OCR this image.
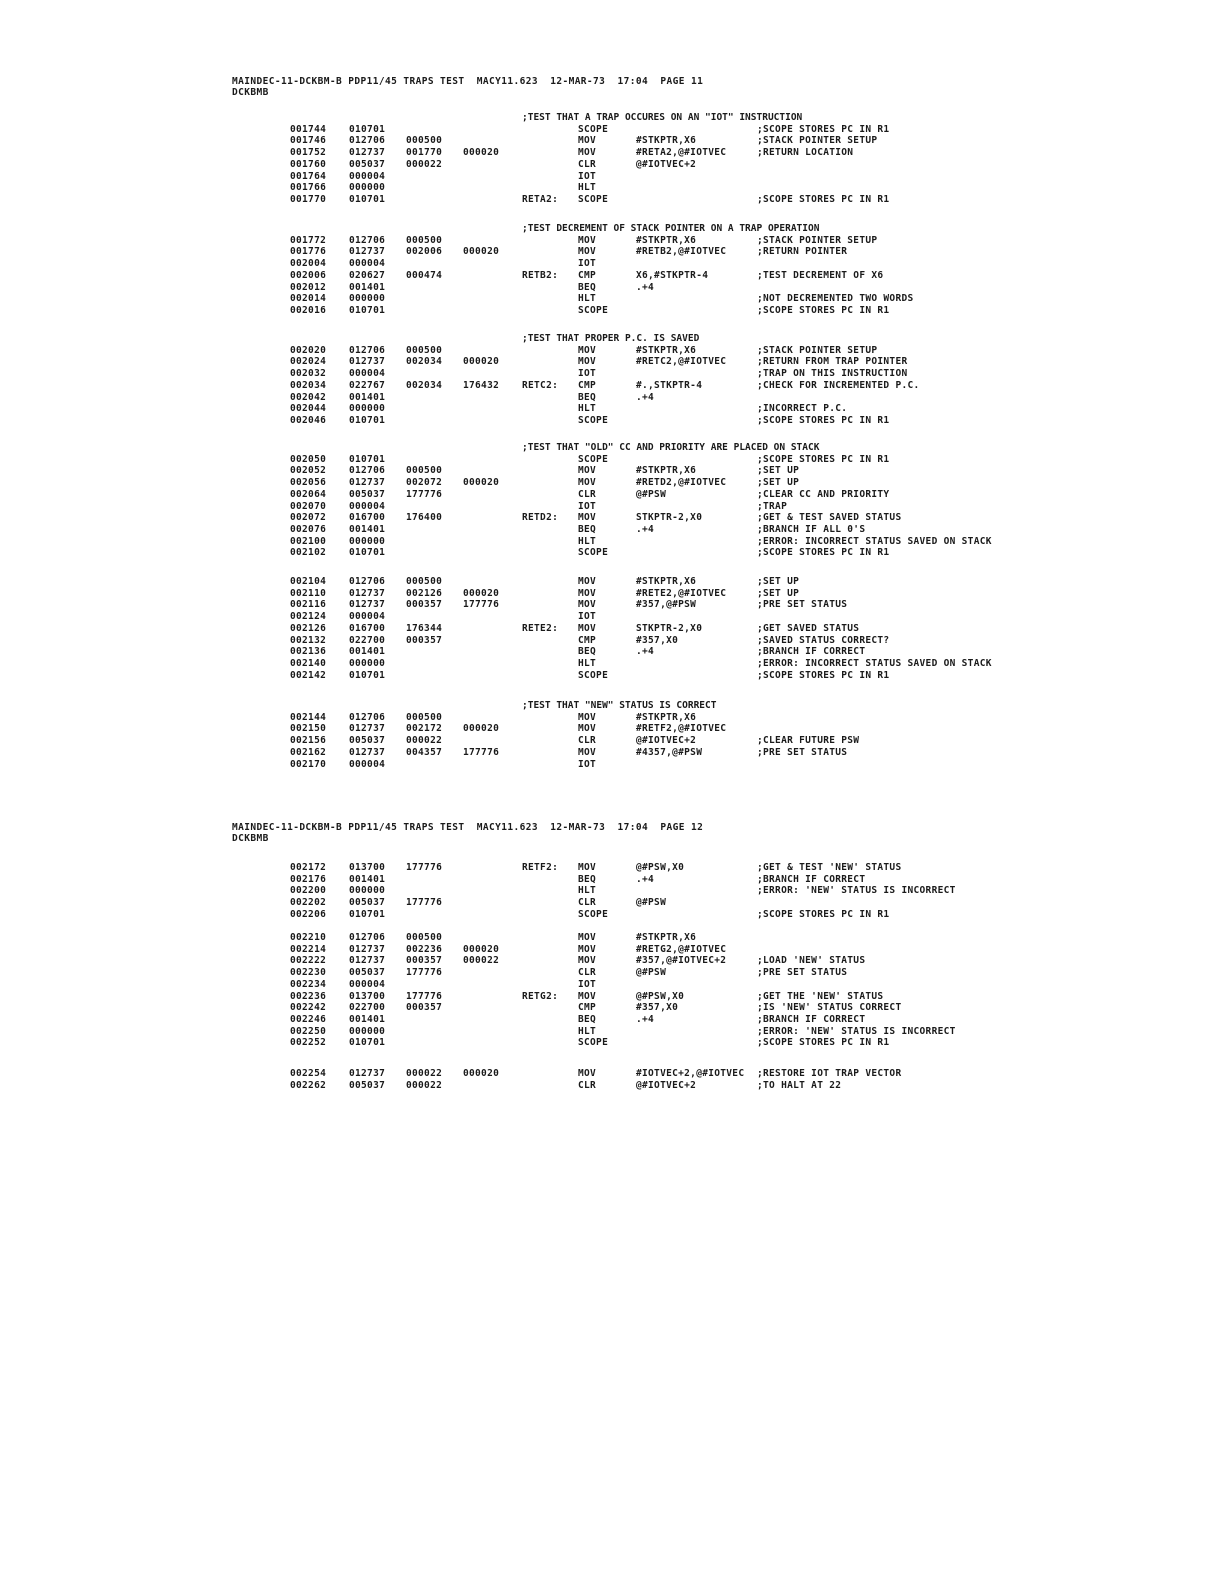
MAINDEC-11-DCKBM-B PDP11/45 TRAPS TEST  MACY11.623  12-MAR-73  17:04  PAGE 11
DCKBMB
;TEST THAT A TRAP OCCURES ON AN "IOT" INSTRUCTION
001744 010701	SCOPE	;SCOPE STORES PC IN R1
001746 012706 000500	MOV	#STKPTR,X6	;STACK POINTER SETUP
001752 012737 001770 000020	MOV	#RETA2,@#IOTVEC	;RETURN LOCATION
001760 005037 000022	CLR	@#IOTVEC+2
001764 000004	IOT
001766 000000	HLT
001770 010701	RETA2: SCOPE	;SCOPE STORES PC IN R1
;TEST DECREMENT OF STACK POINTER ON A TRAP OPERATION
001772 012706 000500	MOV	#STKPTR,X6	;STACK POINTER SETUP
001776 012737 002006 000020	MOV	#RETB2,@#IOTVEC	;RETURN POINTER
002004 000004	IOT
002006 020627 000474	RETB2: CMP	X6,#STKPTR-4	;TEST DECREMENT OF X6
002012 001401	BEQ	.+4
002014 000000	HLT	;NOT DECREMENTED TWO WORDS
002016 010701	SCOPE	;SCOPE STORES PC IN R1
;TEST THAT PROPER P.C. IS SAVED
002020 012706 000500	MOV	#STKPTR,X6	;STACK POINTER SETUP
002024 012737 002034 000020	MOV	#RETC2,@#IOTVEC	;RETURN FROM TRAP POINTER
002032 000004	IOT	;TRAP ON THIS INSTRUCTION
002034 022767 002034 176432 RETC2: CMP	#.,STKPTR-4	;CHECK FOR INCREMENTED P.C.
002042 001401	BEQ	.+4
002044 000000	HLT	;INCORRECT P.C.
002046 010701	SCOPE	;SCOPE STORES PC IN R1
;TEST THAT "OLD" CC AND PRIORITY ARE PLACED ON STACK
002050 010701	SCOPE	;SCOPE STORES PC IN R1
002052 012706 000500	MOV	#STKPTR,X6	;SET UP
002056 012737 002072 000020	MOV	#RETD2,@#IOTVEC	;SET UP
002064 005037 177776	CLR	@#PSW	;CLEAR CC AND PRIORITY
002070 000004	IOT	;TRAP
002072 016700 176400	RETD2: MOV	STKPTR-2,X0	;GET & TEST SAVED STATUS
002076 001401	BEQ	.+4	;BRANCH IF ALL 0'S
002100 000000	HLT	;ERROR: INCORRECT STATUS SAVED ON STACK
002102 010701	SCOPE	;SCOPE STORES PC IN R1
002104 012706 000500	MOV	#STKPTR,X6	;SET UP
002110 012737 002126 000020	MOV	#RETE2,@#IOTVEC	;SET UP
002116 012737 000357 177776	MOV	#357,@#PSW	;PRE SET STATUS
002124 000004	IOT
002126 016700 176344	RETE2: MOV	STKPTR-2,X0	;GET SAVED STATUS
002132 022700 000357	CMP	#357,X0	;SAVED STATUS CORRECT?
002136 001401	BEQ	.+4	;BRANCH IF CORRECT
002140 000000	HLT	;ERROR: INCORRECT STATUS SAVED ON STACK
002142 010701	SCOPE	;SCOPE STORES PC IN R1
;TEST THAT "NEW" STATUS IS CORRECT
002144 012706 000500	MOV	#STKPTR,X6
002150 012737 002172 000020	MOV	#RETF2,@#IOTVEC
002156 005037 000022	CLR	@#IOTVEC+2	;CLEAR FUTURE PSW
002162 012737 004357 177776	MOV	#4357,@#PSW	;PRE SET STATUS
002170 000004	IOT
MAINDEC-11-DCKBM-B PDP11/45 TRAPS TEST  MACY11.623  12-MAR-73  17:04  PAGE 12
DCKBMB
002172 013700 177776	RETF2: MOV	@#PSW,X0	;GET & TEST 'NEW' STATUS
002176 001401	BEQ	.+4	;BRANCH IF CORRECT
002200 000000	HLT	;ERROR: 'NEW' STATUS IS INCORRECT
002202 005037 177776	CLR	@#PSW
002206 010701	SCOPE	;SCOPE STORES PC IN R1
002210 012706 000500	MOV	#STKPTR,X6
002214 012737 002236 000020	MOV	#RETG2,@#IOTVEC
002222 012737 000357 000022	MOV	#357,@#IOTVEC+2	;LOAD 'NEW' STATUS
002230 005037 177776	CLR	@#PSW	;PRE SET STATUS
002234 000004	IOT
002236 013700 177776	RETG2: MOV	@#PSW,X0	;GET THE 'NEW' STATUS
002242 022700 000357	CMP	#357,X0	;IS 'NEW' STATUS CORRECT
002246 001401	BEQ	.+4	;BRANCH IF CORRECT
002250 000000	HLT	;ERROR: 'NEW' STATUS IS INCORRECT
002252 010701	SCOPE	;SCOPE STORES PC IN R1
002254 012737 000022 000020	MOV	#IOTVEC+2,@#IOTVEC ;RESTORE IOT TRAP VECTOR
002262 005037 000022	CLR	@#IOTVEC+2	;TO HALT AT 22
